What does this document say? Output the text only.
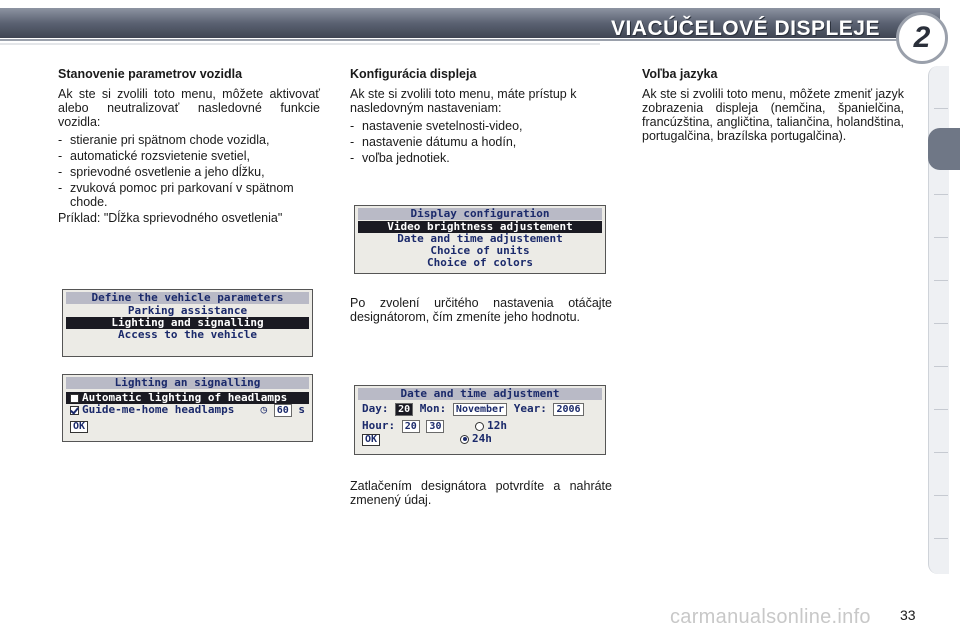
VIACÚČELOVÉ DISPLEJE	2
Stanovenie parametrov vozidla

Ak ste si zvolili toto menu, môžete aktivovať alebo neutralizovať nasledovné funkcie vozidla:

- stieranie pri spätnom chode vozidla,
- automatické rozsvietenie svetiel,
- sprievodné osvetlenie a jeho dĺžku,
- zvuková pomoc pri parkovaní v spätnom chode.

Príklad: "Dĺžka sprievodného osvetlenia"

Define the vehicle parameters
Parking assistance
Lighting and signalling
Access to the vehicle
Lighting an signalling
Automatic lighting of headlamps
Guide-me-home headlamps ◷ 60 s
OK
Konfigurácia displeja

Ak ste si zvolili toto menu, máte prístup k nasledovným nastaveniam:

- nastavenie svetelnosti-video,
- nastavenie dátumu a hodín,
- voľba jednotiek.
Display configuration
Video brightness adjustement
Date and time adjustement
Choice of units
Choice of colors

Po zvolení určitého nastavenia otáčajte designátorom, čím zmeníte jeho hodnotu.

Date and time adjustment
Day: 20 Mon: November Year: 2006
Hour: 20 30	12h
OK	24h

Zatlačením designátora potvrdíte a nahráte zmenený údaj.

Voľba jazyka

Ak ste si zvolili toto menu, môžete zmeniť jazyk zobrazenia displeja (nemčina, španielčina, francúzština, angličtina, taliančina, holandština, portugalčina, brazílska portugalčina).

carmanualsonline.info 33
